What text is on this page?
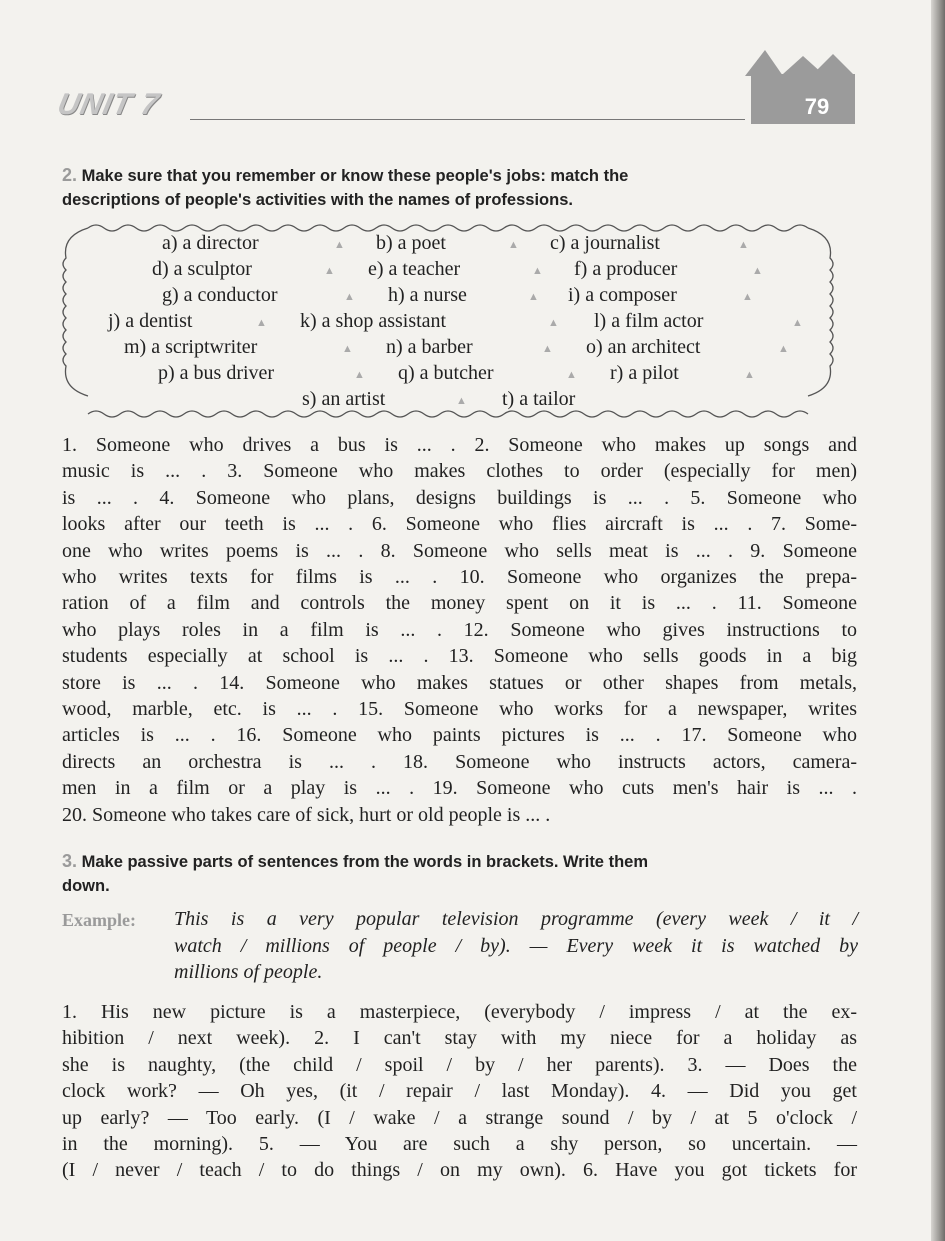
UNIT 7	79
2. Make sure that you remember or know these people's jobs: match the
descriptions of people's activities with the names of professions.
a) a director	▲ b) a poet	▲ c) a journalist	▲
d) a sculptor	▲ e) a teacher	▲ f) a producer	▲
g) a conductor	▲ h) a nurse	▲ i) a composer	▲
j) a dentist	▲ k) a shop assistant	▲ l) a film actor	▲
m) a scriptwriter	▲ n) a barber	▲ o) an architect	▲
p) a bus driver	▲ q) a butcher	▲ r) a pilot	▲
s) an artist	▲ t) a tailor
1. Someone who drives a bus is ... . 2. Someone who makes up songs and
music is ... . 3. Someone who makes clothes to order (especially for men)
is ... . 4. Someone who plans, designs buildings is ... . 5. Someone who
looks after our teeth is ... . 6. Someone who flies aircraft is ... . 7. Some-
one who writes poems is ... . 8. Someone who sells meat is ... . 9. Someone
who writes texts for films is ... . 10. Someone who organizes the prepa-
ration of a film and controls the money spent on it is ... . 11. Someone
who plays roles in a film is ... . 12. Someone who gives instructions to
students especially at school is ... . 13. Someone who sells goods in a big
store is ... . 14. Someone who makes statues or other shapes from metals,
wood, marble, etc. is ... . 15. Someone who works for a newspaper, writes
articles is ... . 16. Someone who paints pictures is ... . 17. Someone who
directs an orchestra is ... . 18. Someone who instructs actors, camera-
men in a film or a play is ... . 19. Someone who cuts men's hair is ... .
20. Someone who takes care of sick, hurt or old people is ... .
3. Make passive parts of sentences from the words in brackets. Write them
down.
Example: This is a very popular television programme (every week / it /
watch / millions of people / by). — Every week it is watched by
millions of people.
1. His new picture is a masterpiece, (everybody / impress / at the ex-
hibition / next week). 2. I can't stay with my niece for a holiday as
she is naughty, (the child / spoil / by / her parents). 3. — Does the
clock work? — Oh yes, (it / repair / last Monday). 4. — Did you get
up early? — Too early. (I / wake / a strange sound / by / at 5 o'clock /
in the morning). 5. — You are such a shy person, so uncertain. —
(I / never / teach / to do things / on my own). 6. Have you got tickets for
